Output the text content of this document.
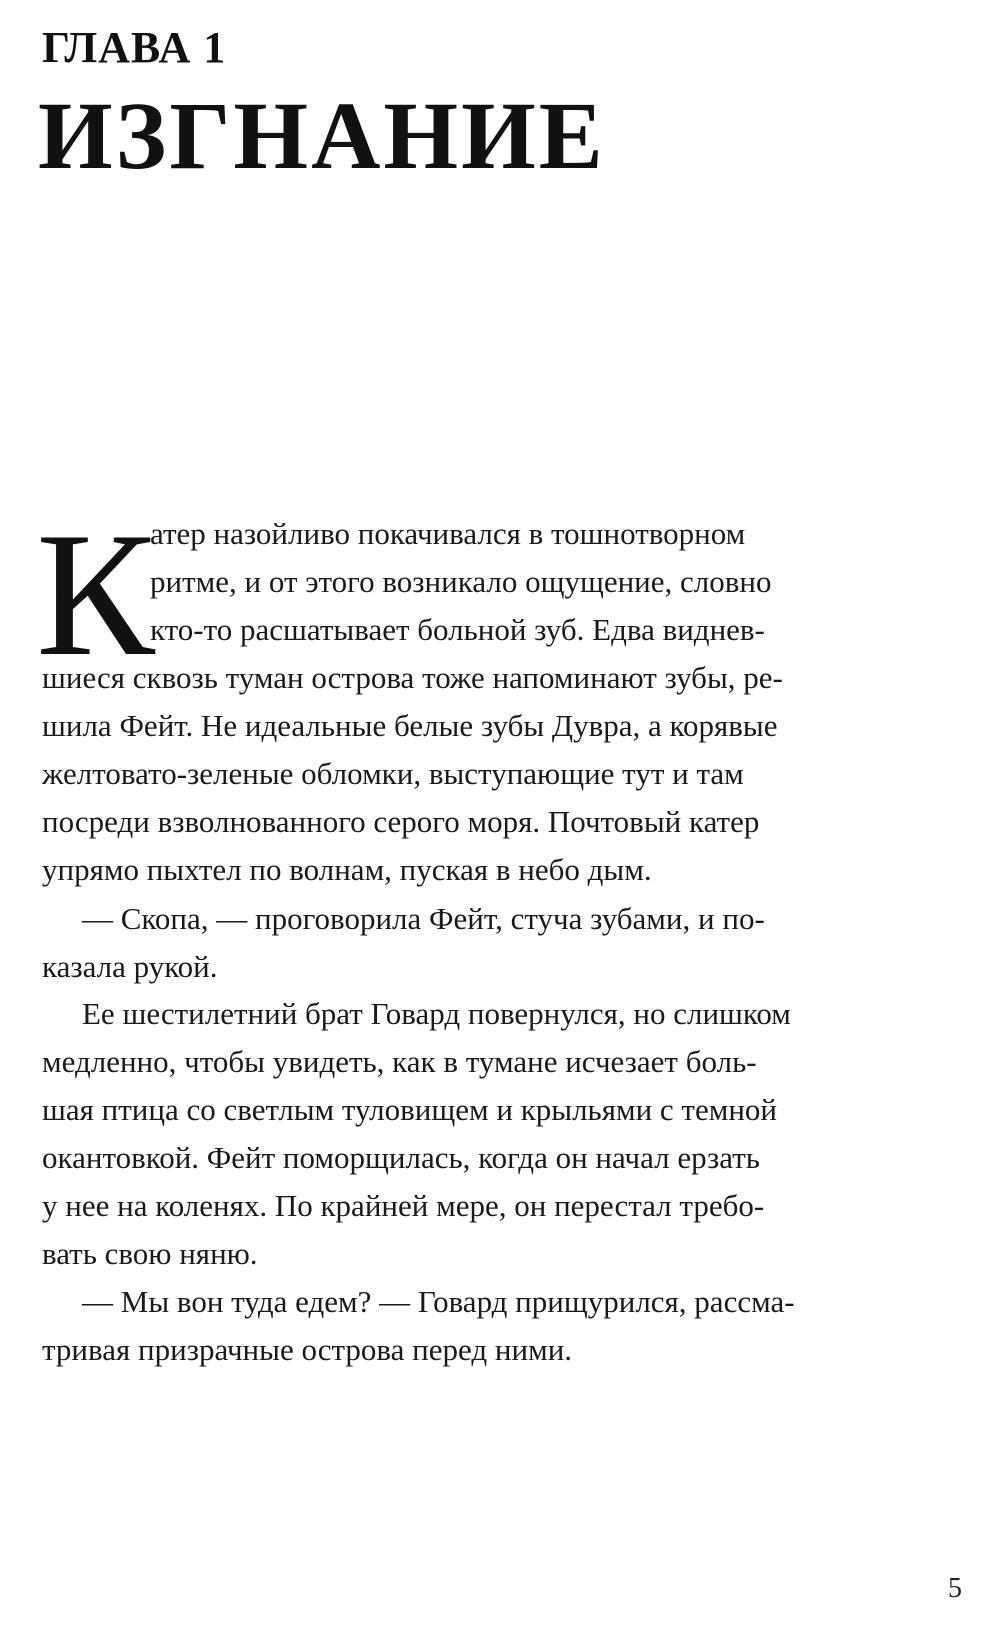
ГЛАВА 1
ИЗГНАНИЕ
К
атер назойливо покачивался в тошнотворном
ритме, и от этого возникало ощущение, словно
кто-то расшатывает больной зуб. Едва виднев-
шиеся сквозь туман острова тоже напоминают зубы, ре-
шила Фейт. Не идеальные белые зубы Дувра, а корявые
желтовато-зеленые обломки, выступающие тут и там
посреди взволнованного серого моря. Почтовый катер
упрямо пыхтел по волнам, пуская в небо дым.
— Скопа, — проговорила Фейт, стуча зубами, и по-
казала рукой.
Ее шестилетний брат Говард повернулся, но слишком
медленно, чтобы увидеть, как в тумане исчезает боль-
шая птица со светлым туловищем и крыльями с темной
окантовкой. Фейт поморщилась, когда он начал ерзать
у нее на коленях. По крайней мере, он перестал требо-
вать свою няню.
— Мы вон туда едем? — Говард прищурился, рассма-
тривая призрачные острова перед ними.
5
